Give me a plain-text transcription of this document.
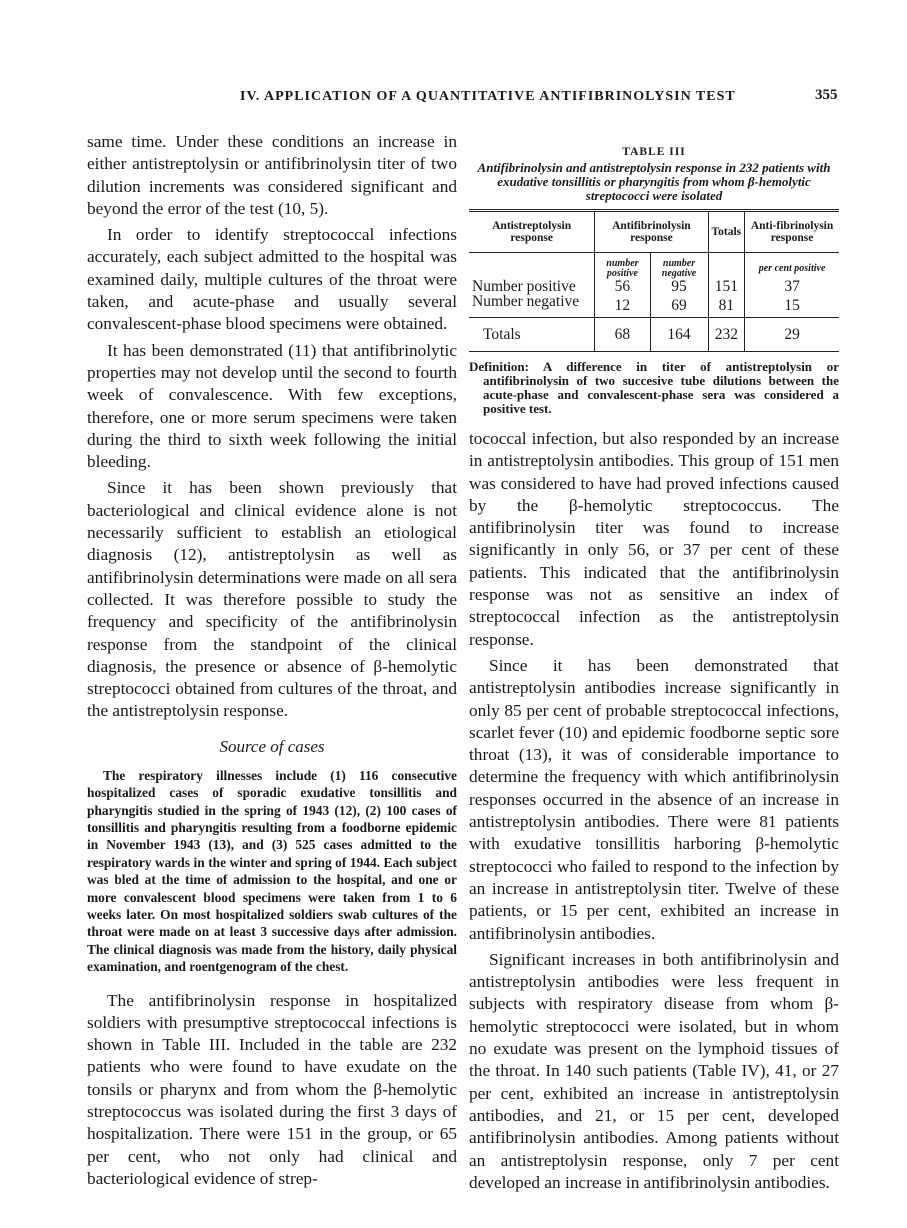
IV. APPLICATION OF A QUANTITATIVE ANTIFIBRINOLYSIN TEST	355

same time. Under these conditions an increase in either antistreptolysin or antifibrinolysin titer of two dilution increments was considered significant and beyond the error of the test (10, 5).

In order to identify streptococcal infections accurately, each subject admitted to the hospital was examined daily, multiple cultures of the throat were taken, and acute-phase and usually several convalescent-phase blood specimens were obtained.

It has been demonstrated (11) that antifibrinolytic properties may not develop until the second to fourth week of convalescence. With few exceptions, therefore, one or more serum specimens were taken during the third to sixth week following the initial bleeding.

Since it has been shown previously that bacteriological and clinical evidence alone is not necessarily sufficient to establish an etiological diagnosis (12), antistreptolysin as well as antifibrinolysin determinations were made on all sera collected. It was therefore possible to study the frequency and specificity of the antifibrinolysin response from the standpoint of the clinical diagnosis, the presence or absence of β-hemolytic streptococci obtained from cultures of the throat, and the antistreptolysin response.

Source of cases

The respiratory illnesses include (1) 116 consecutive hospitalized cases of sporadic exudative tonsillitis and pharyngitis studied in the spring of 1943 (12), (2) 100 cases of tonsillitis and pharyngitis resulting from a foodborne epidemic in November 1943 (13), and (3) 525 cases admitted to the respiratory wards in the winter and spring of 1944. Each subject was bled at the time of admission to the hospital, and one or more convalescent blood specimens were taken from 1 to 6 weeks later. On most hospitalized soldiers swab cultures of the throat were made on at least 3 successive days after admission. The clinical diagnosis was made from the history, daily physical examination, and roentgenogram of the chest.

The antifibrinolysin response in hospitalized soldiers with presumptive streptococcal infections is shown in Table III. Included in the table are 232 patients who were found to have exudate on the tonsils or pharynx and from whom the β-hemolytic streptococcus was isolated during the first 3 days of hospitalization. There were 151 in the group, or 65 per cent, who not only had clinical and bacteriological evidence of strep-

TABLE III
Antifibrinolysin and antistreptolysin response in 232 patients with exudative tonsillitis or pharyngitis from whom β-hemolytic streptococci were isolated
Antistreptolysin response	Antifibrinolysin response		Totals	Anti-fibrinolysin response
	number positive	number negative		per cent positive
Number positive	56	95	151	37
Number negative	12	69	81	15
Totals	68	164	232	29
Definition: A difference in titer of antistreptolysin or antifibrinolysin of two succesive tube dilutions between the acute-phase and convalescent-phase sera was considered a positive test.

tococcal infection, but also responded by an increase in antistreptolysin antibodies. This group of 151 men was considered to have had proved infections caused by the β-hemolytic streptococcus. The antifibrinolysin titer was found to increase significantly in only 56, or 37 per cent of these patients. This indicated that the antifibrinolysin response was not as sensitive an index of streptococcal infection as the antistreptolysin response.

Since it has been demonstrated that antistreptolysin antibodies increase significantly in only 85 per cent of probable streptococcal infections, scarlet fever (10) and epidemic foodborne septic sore throat (13), it was of considerable importance to determine the frequency with which antifibrinolysin responses occurred in the absence of an increase in antistreptolysin antibodies. There were 81 patients with exudative tonsillitis harboring β-hemolytic streptococci who failed to respond to the infection by an increase in antistreptolysin titer. Twelve of these patients, or 15 per cent, exhibited an increase in antifibrinolysin antibodies.

Significant increases in both antifibrinolysin and antistreptolysin antibodies were less frequent in subjects with respiratory disease from whom β-hemolytic streptococci were isolated, but in whom no exudate was present on the lymphoid tissues of the throat. In 140 such patients (Table IV), 41, or 27 per cent, exhibited an increase in antistreptolysin antibodies, and 21, or 15 per cent, developed antifibrinolysin antibodies. Among patients without an antistreptolysin response, only 7 per cent developed an increase in antifibrinolysin antibodies.
